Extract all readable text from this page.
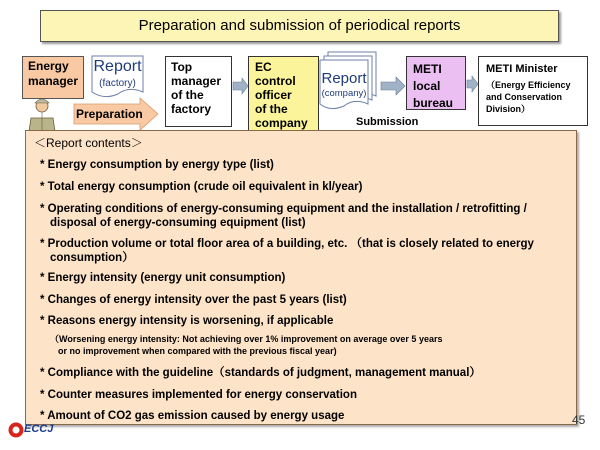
Preparation and submission of periodical reports
Energy
manager
Report
(factory)
Preparation
Top
manager
of the
factory
EC
control
officer
of the
company
Report
(company)
Submission
METI
local
bureau
METI Minister
（Energy Efficiency
and Conservation
Division）
＜Report contents＞
* Energy consumption by energy type (list)
* Total energy consumption (crude oil equivalent in kl/year)
* Operating conditions of energy-consuming equipment and the installation / retrofitting /
disposal of energy-consuming equipment (list)
* Production volume or total floor area of a building, etc. （that is closely related to energy
consumption）
* Energy intensity (energy unit consumption)
* Changes of energy intensity over the past 5 years (list)
* Reasons energy intensity is worsening, if applicable
（Worsening energy intensity: Not achieving over 1% improvement on average over 5 years
or no improvement when compared with the previous fiscal year)
* Compliance with the guideline（standards of judgment, management manual）
* Counter measures implemented for energy conservation
* Amount of CO2 gas emission caused by energy usage	45
ECCJ
